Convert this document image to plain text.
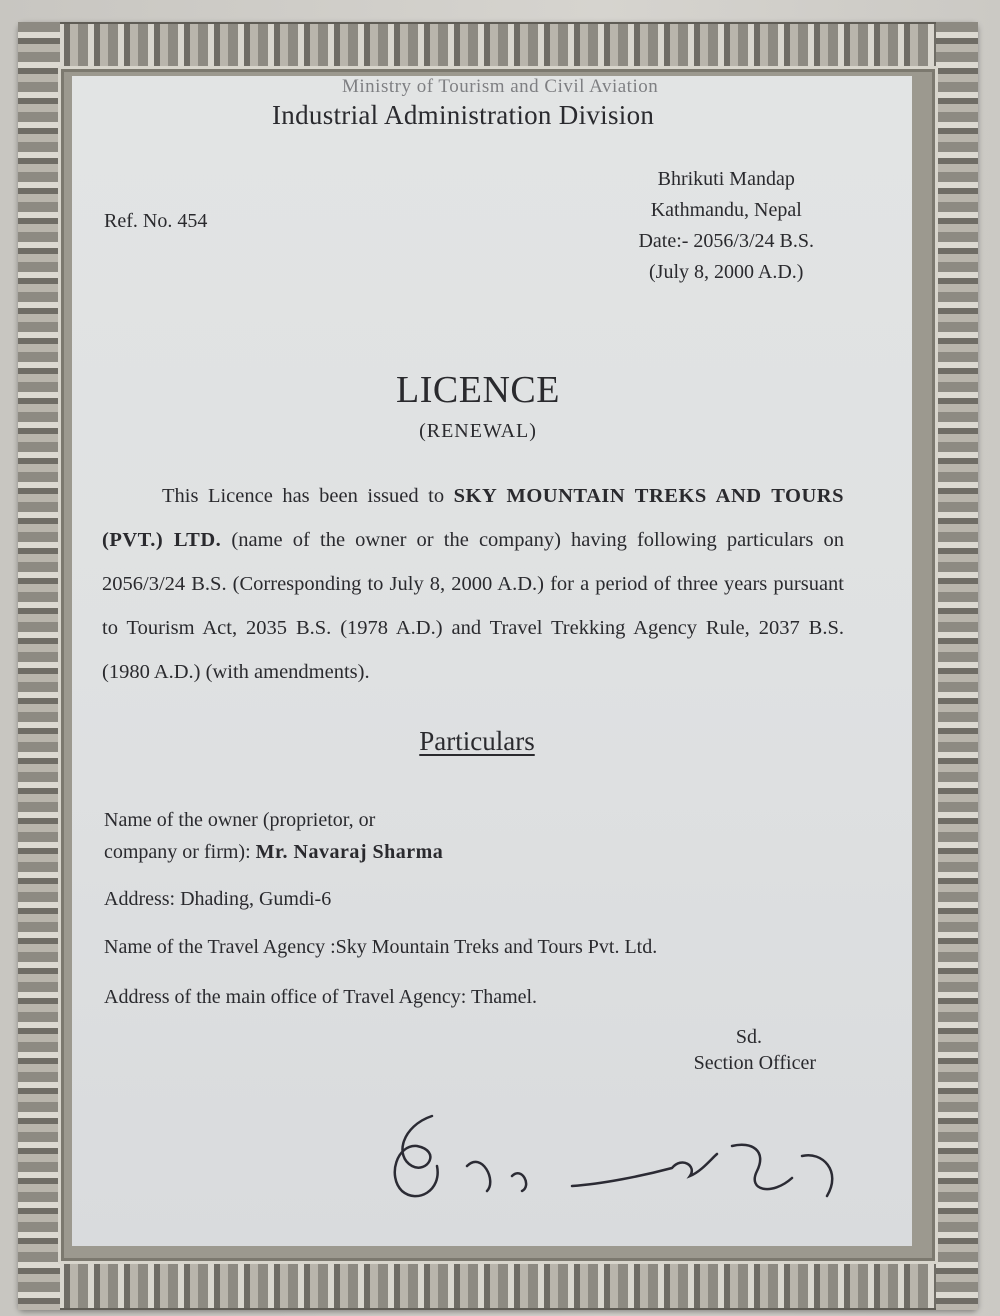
Ministry of Tourism and Civil Aviation
Industrial Administration Division
Bhrikuti Mandap
Kathmandu, Nepal
Date:- 2056/3/24 B.S.
(July 8, 2000 A.D.)
Ref. No. 454
LICENCE
(RENEWAL)
This Licence has been issued to SKY MOUNTAIN TREKS AND TOURS (PVT.) LTD. (name of the owner or the company) having following particulars on 2056/3/24 B.S. (Corresponding to July 8, 2000 A.D.) for a period of three years pursuant to Tourism Act, 2035 B.S. (1978 A.D.) and Travel Trekking Agency Rule, 2037 B.S. (1980 A.D.) (with amendments).
Particulars
Name of the owner (proprietor, or
company or firm): Mr. Navaraj Sharma
Address: Dhading, Gumdi-6
Name of the Travel Agency :Sky Mountain Treks and Tours Pvt. Ltd.
Address of the main office of Travel Agency: Thamel.
Sd.
Section Officer
